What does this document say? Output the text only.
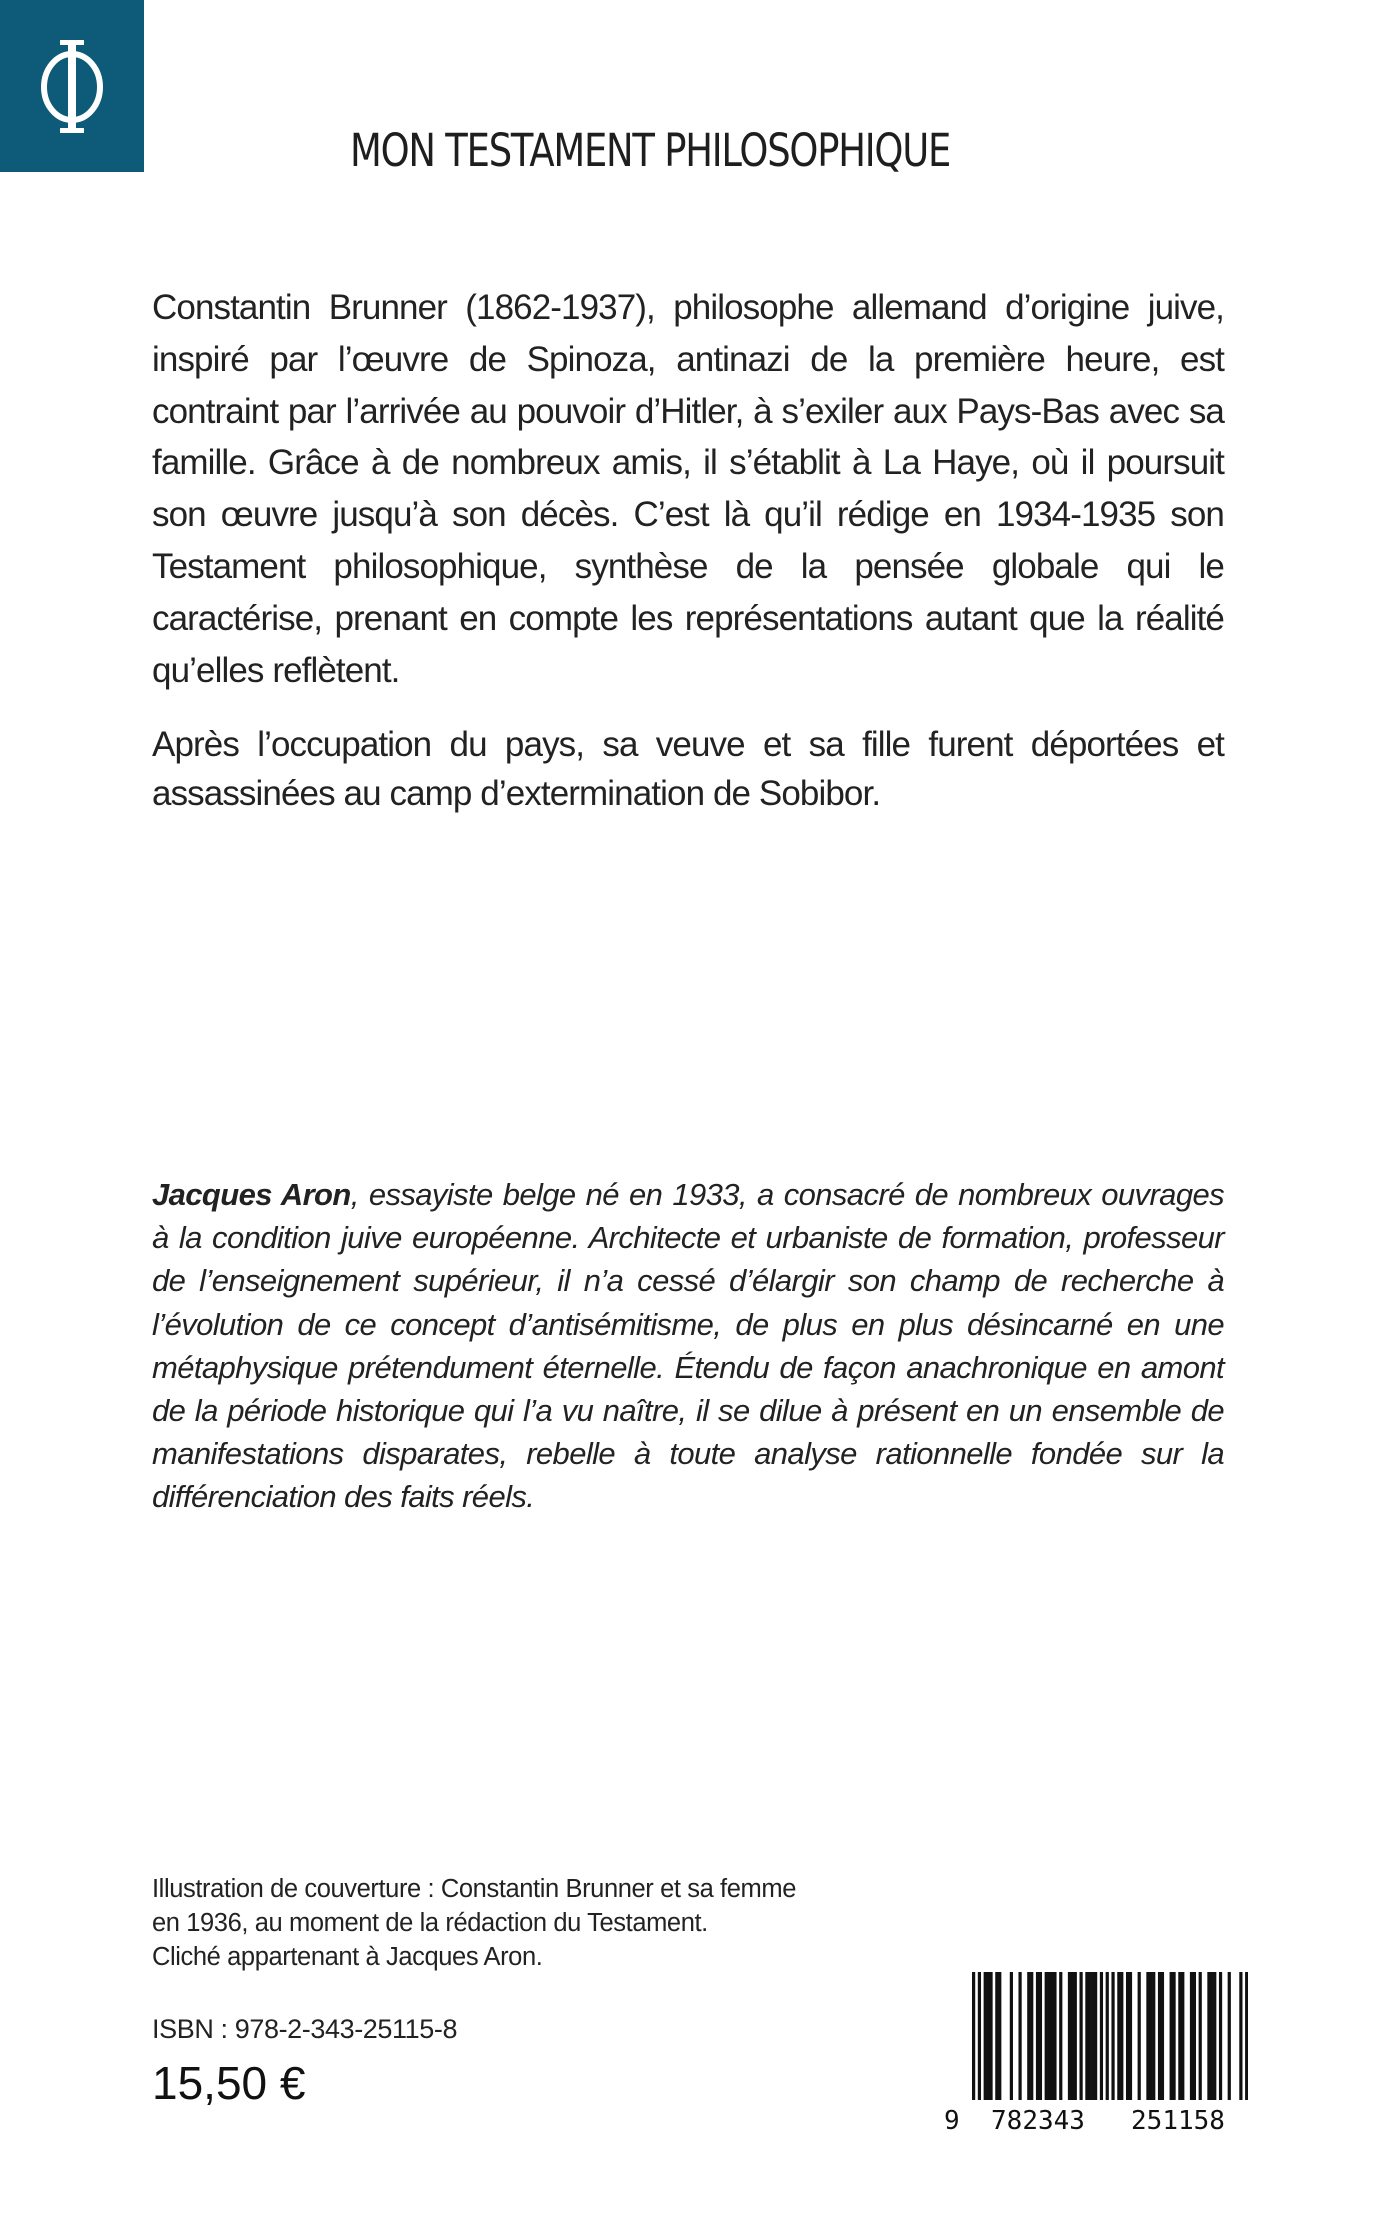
MON TESTAMENT PHILOSOPHIQUE

Constantin Brunner (1862-1937), philosophe allemand d’origine juive, inspiré par l’œuvre de Spinoza, antinazi de la première heure, est contraint par l’arrivée au pouvoir d’Hitler, à s’exiler aux Pays-Bas avec sa famille. Grâce à de nombreux amis, il s’établit à La Haye, où il poursuit son œuvre jusqu’à son décès. C’est là qu’il rédige en 1934-1935 son Testament philosophique, synthèse de la pensée globale qui le caractérise, prenant en compte les représentations autant que la réalité qu’elles reflètent.

Après l’occupation du pays, sa veuve et sa fille furent déportées et assassinées au camp d’extermination de Sobibor.

Jacques Aron, essayiste belge né en 1933, a consacré de nombreux ouvrages à la condition juive européenne. Architecte et urbaniste de formation, professeur de l’enseignement supérieur, il n’a cessé d’élargir son champ de recherche à l’évolution de ce concept d’antisémitisme, de plus en plus désincarné en une métaphysique prétendument éternelle. Étendu de façon anachronique en amont de la période historique qui l’a vu naître, il se dilue à présent en un ensemble de manifestations disparates, rebelle à toute analyse rationnelle fondée sur la différenciation des faits réels.

Illustration de couverture : Constantin Brunner et sa femme
en 1936, au moment de la rédaction du Testament.
Cliché appartenant à Jacques Aron.
ISBN : 978-2-343-25115-8
15,50 €
9	782343	251158
